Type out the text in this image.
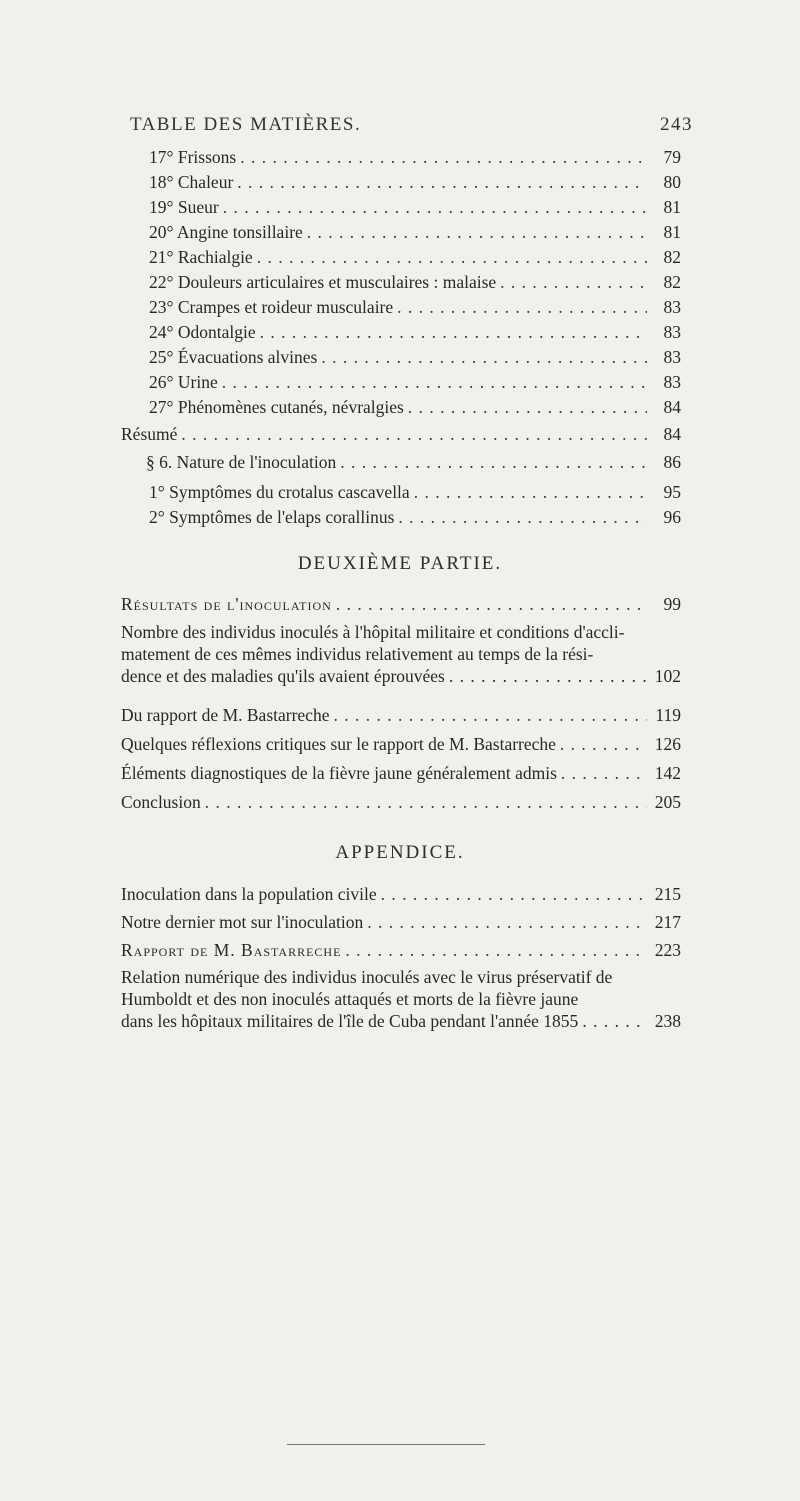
TABLE DES MATIÈRES.	243
17° Frissons . . .	79
18° Chaleur . . .	80
19° Sueur . . .	81
20° Angine tonsillaire . . .	81
21° Rachialgie . . .	82
22° Douleurs articulaires et musculaires : malaise . . .	82
23° Crampes et roideur musculaire . . .	83
24° Odontalgie . . .	83
25° Évacuations alvines . . .	83
26° Urine . . .	83
27° Phénomènes cutanés, névralgies . . .	84
Résumé . . .	84
§ 6. Nature de l'inoculation . . .	86
1° Symptômes du crotalus cascavella . . .	95
2° Symptômes de l'elaps corallinus . . .	96
DEUXIÈME PARTIE.
Résultats de l'inoculation . . .	99
Nombre des individus inoculés à l'hôpital militaire et conditions d'accli-
matement de ces mêmes individus relativement au temps de la rési-
dence et des maladies qu'ils avaient éprouvées . . .	102
Du rapport de M. Bastarreche . . .	119
Quelques réflexions critiques sur le rapport de M. Bastarreche . . .	126
Éléments diagnostiques de la fièvre jaune généralement admis . . .	142
Conclusion . . .	205
APPENDICE.
Inoculation dans la population civile . . .	215
Notre dernier mot sur l'inoculation . . .	217
Rapport de M. Bastarreche . . .	223
Relation numérique des individus inoculés avec le virus préservatif de
Humboldt et des non inoculés attaqués et morts de la fièvre jaune
dans les hôpitaux militaires de l'île de Cuba pendant l'année 1855 . . .	238
